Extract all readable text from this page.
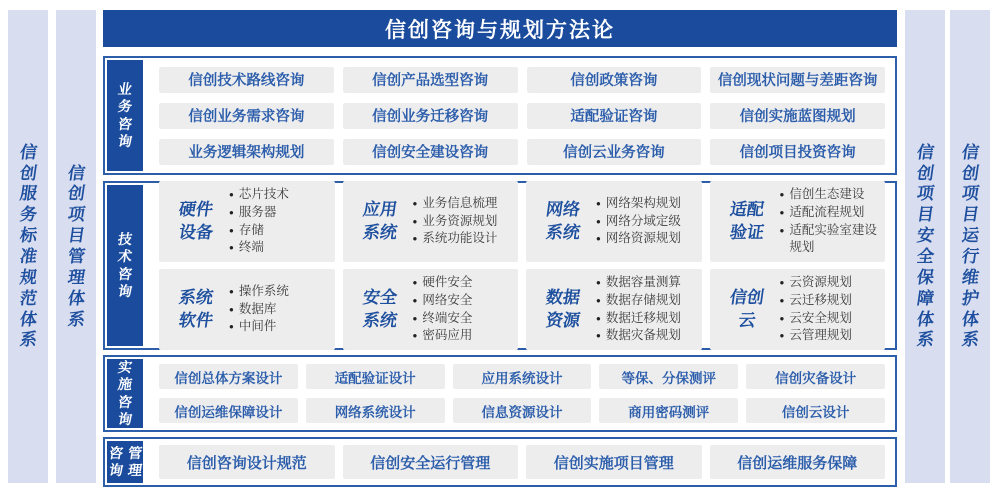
信
创
服
务
标
准
规
范
体
系
信
创
项
目
管
理
体
系
信创咨询与规划方法论
业
务
咨
询
信创技术路线咨询	信创产品选型咨询	信创政策咨询	信创现状问题与差距咨询
信创业务需求咨询	信创业务迁移咨询	适配验证咨询	信创实施蓝图规划
业务逻辑架构规划	信创安全建设咨询	信创云业务咨询	信创项目投资咨询
技
术
咨
询
硬件
设备
● 芯片技术
● 服务器
● 存储
● 终端
应用
系统
● 业务信息梳理
● 业务资源规划
● 系统功能设计
网络
系统
● 网络架构规划
● 网络分域定级
● 网络资源规划
适配
验证
● 信创生态建设
● 适配流程规划
● 适配实验室建设规划
系统
软件
● 操作系统
● 数据库
● 中间件
安全
系统
● 硬件安全
● 网络安全
● 终端安全
● 密码应用
数据
资源
● 数据容量测算
● 数据存储规划
● 数据迁移规划
● 数据灾备规划
信创
云
● 云资源规划
● 云迁移规划
● 云安全规划
● 云管理规划
实
施
咨
询
信创总体方案设计	适配验证设计	应用系统设计	等保、分保测评	信创灾备设计
信创运维保障设计	网络系统设计	信息资源设计	商用密码测评	信创云设计
咨
询
管
理	信创咨询设计规范	信创安全运行管理	信创实施项目管理	信创运维服务保障
信
创
项
目
安
全
保
障
体
系
信
创
项
目
运
行
维
护
体
系
